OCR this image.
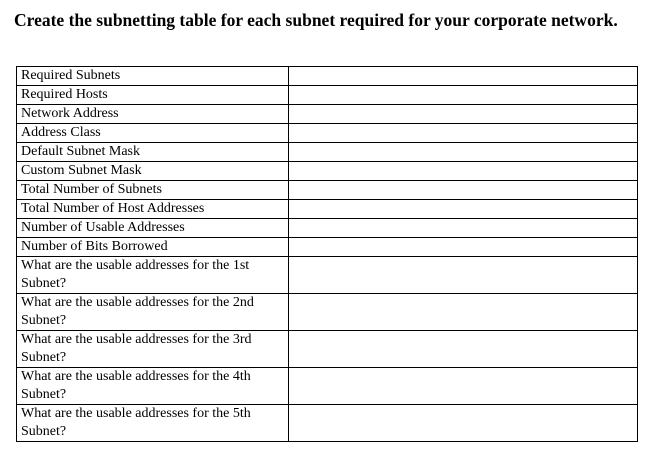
Create the subnetting table for each subnet required for your corporate network.
Required Subnets	

Required Hosts	

Network Address	

Address Class	

Default Subnet Mask	

Custom Subnet Mask	

Total Number of Subnets	

Total Number of Host Addresses	

Number of Usable Addresses	

Number of Bits Borrowed	

What are the usable addresses for the 1st Subnet?	

What are the usable addresses for the 2nd Subnet?	

What are the usable addresses for the 3rd Subnet?	

What are the usable addresses for the 4th Subnet?	

What are the usable addresses for the 5th Subnet?	
